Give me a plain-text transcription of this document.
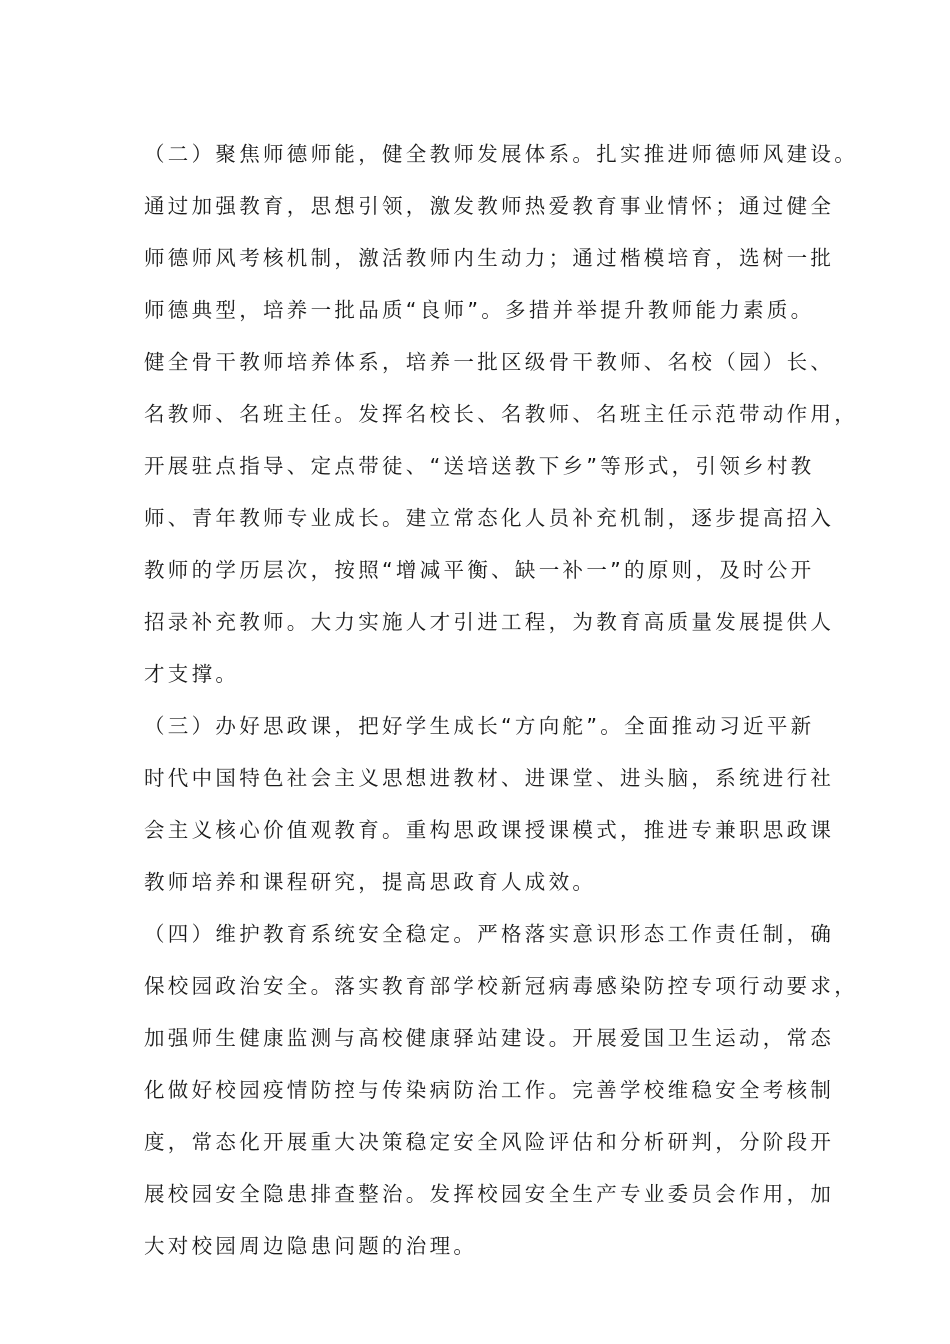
（二）聚焦师德师能，健全教师发展体系。扎实推进师德师风建设。
通过加强教育，思想引领，激发教师热爱教育事业情怀；通过健全
师德师风考核机制，激活教师内生动力；通过楷模培育，选树一批
师德典型，培养一批品质“良师”。多措并举提升教师能力素质。
健全骨干教师培养体系，培养一批区级骨干教师、名校（园）长、
名教师、名班主任。发挥名校长、名教师、名班主任示范带动作用，
开展驻点指导、定点带徒、“送培送教下乡”等形式，引领乡村教
师、青年教师专业成长。建立常态化人员补充机制，逐步提高招入
教师的学历层次，按照“增减平衡、缺一补一”的原则，及时公开
招录补充教师。大力实施人才引进工程，为教育高质量发展提供人
才支撑。
（三）办好思政课，把好学生成长“方向舵”。全面推动习近平新
时代中国特色社会主义思想进教材、进课堂、进头脑，系统进行社
会主义核心价值观教育。重构思政课授课模式，推进专兼职思政课
教师培养和课程研究，提高思政育人成效。
（四）维护教育系统安全稳定。严格落实意识形态工作责任制，确
保校园政治安全。落实教育部学校新冠病毒感染防控专项行动要求，
加强师生健康监测与高校健康驿站建设。开展爱国卫生运动，常态
化做好校园疫情防控与传染病防治工作。完善学校维稳安全考核制
度，常态化开展重大决策稳定安全风险评估和分析研判，分阶段开
展校园安全隐患排查整治。发挥校园安全生产专业委员会作用，加
大对校园周边隐患问题的治理。
